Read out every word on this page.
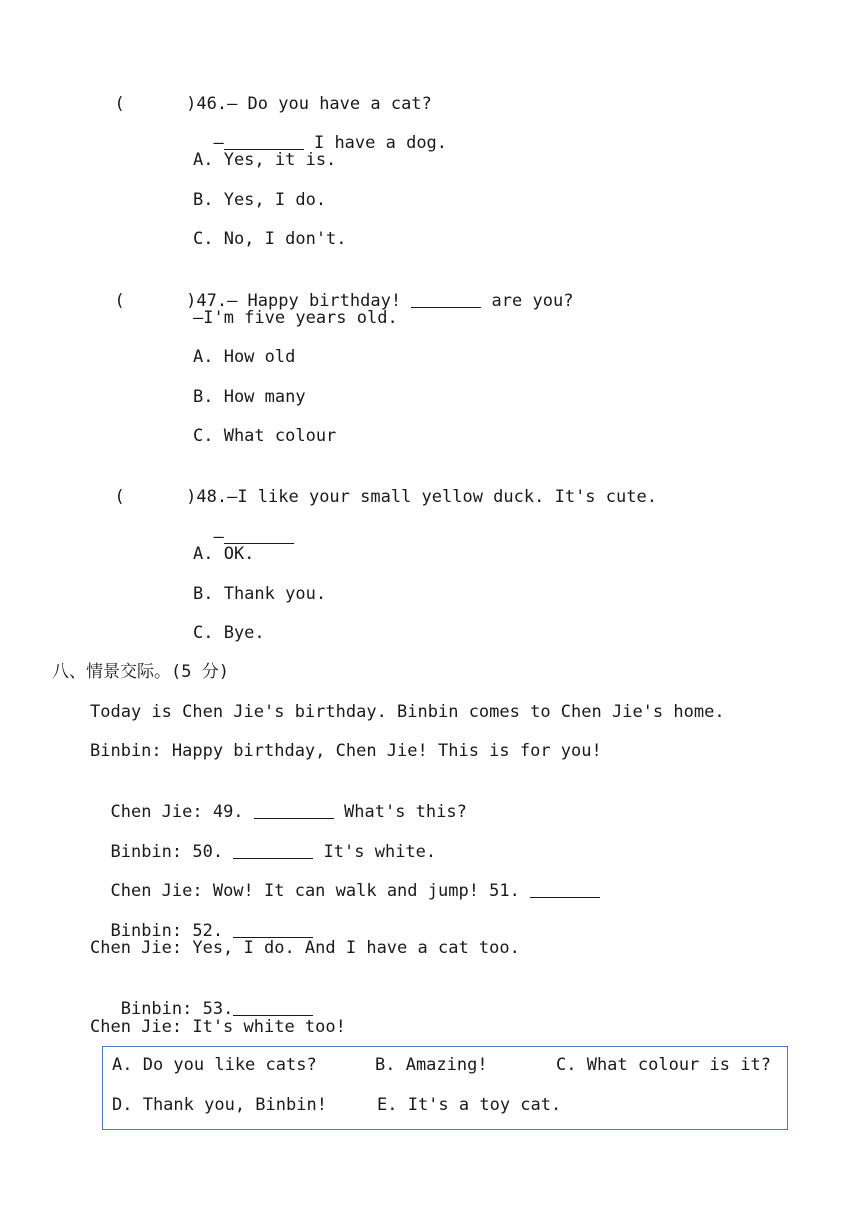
(      )46.— Do you have a cat?

—	I have a dog.

A. Yes, it is.
B. Yes, I do.
C. No, I don't.

(      )47.— Happy birthday!	are you?

—I'm five years old.
A. How old
B. How many
C. What colour

(      )48.—I like your small yellow duck. It's cute.

—

A. OK.
B. Thank you.
C. Bye.
八、情景交际。(5 分)
Today is Chen Jie's birthday. Binbin comes to Chen Jie's home.
Binbin: Happy birthday, Chen Jie! This is for you!

Chen Jie: 49.	What's this?

Binbin: 50.	It's white.

Chen Jie: Wow! It can walk and jump! 51.

Binbin: 52.

Chen Jie: Yes, I do. And I have a cat too.

Binbin: 53.

Chen Jie: It's white too!
A. Do you like cats?	B. Amazing!	C. What colour is it?
D. Thank you, Binbin!	E. It's a toy cat.
